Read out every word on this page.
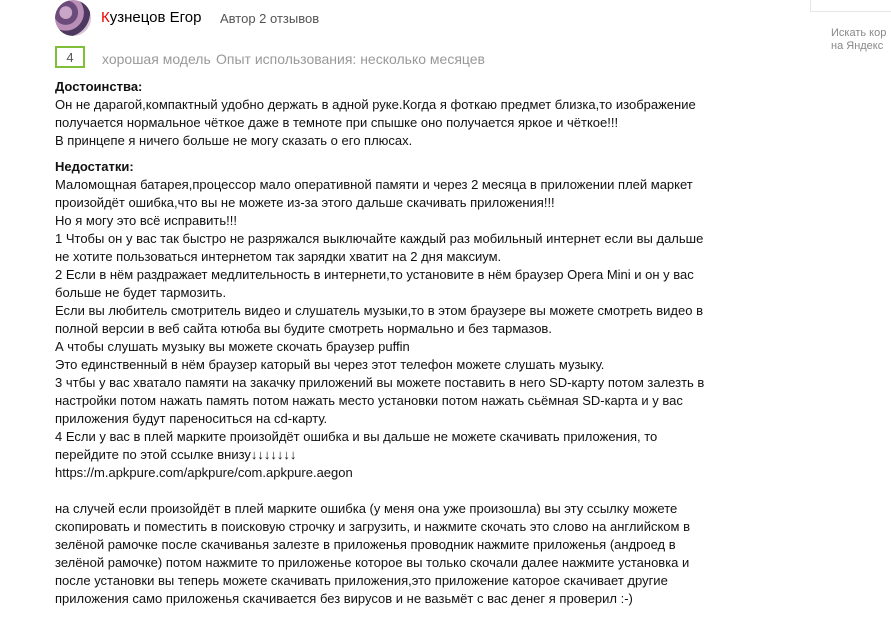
Искать кор
на Яндекс
Кузнецов Егор Автор 2 отзывов
4	хорошая модель Опыт использования: несколько месяцев
Достоинства:

Он не дарагой,компактный удобно держать в адной руке.Когда я фоткаю предмет близка,то изображение

получается нормальное чёткое даже в темноте при спышке оно получается яркое и чёткое!!!

В принцепе я ничего больше не могу сказать о его плюсах.

Недостатки:

Маломощная батарея,процессор мало оперативной памяти и через 2 месяца в приложении плей маркет

произойдёт ошибка,что вы не можете из-за этого дальше скачивать приложения!!!

Но я могу это всё исправить!!!

1 Чтобы он у вас так быстро не разряжался выключайте каждый раз мобильный интернет если вы дальше

не хотите пользоваться интернетом так зарядки хватит на 2 дня максиум.

2 Если в нём раздражает медлительность в интернети,то установите в нём браузер Opera Mini и он у вас

больше не будет тармозить.

Если вы любитель смотритель видео и слушатель музыки,то в этом браузере вы можете смотреть видео в

полной версии в веб сайта ютюба вы будите смотреть нормально и без тармазов.

А чтобы слушать музыку вы можете скочать браузер puffin

Это единственный в нём браузер каторый вы через этот телефон можете слушать музыку.

3 чтбы у вас хватало памяти на закачку приложений вы можете поставить в него SD-карту потом залезть в

настройки потом нажать память потом нажать место установки потом нажать сьёмная SD-карта и у вас

приложения будут пареноситься на cd-карту.

4 Если у вас в плей марките произойдёт ошибка и вы дальше не можете скачивать приложения, то

перейдите по этой ссылке внизу↓↓↓↓↓↓↓

https://m.apkpure.com/apkpure/com.apkpure.aegon

на случей если произойдёт в плей марките ошибка (у меня она уже произошла) вы эту ссылку можете

скопировать и поместить в поисковую строчку и загрузить, и нажмите скочать это слово на английском в

зелёной рамочке после скачиванья залезте в приложенья проводник нажмите приложенья (андроед в

зелёной рамочке) потом нажмите то приложенье которое вы только скочали далее нажмите установка и

после установки вы теперь можете скачивать приложения,это приложение каторое скачивает другие

приложения само приложенья скачивается без вирусов и не вазьмёт с вас денег я проверил :-)
